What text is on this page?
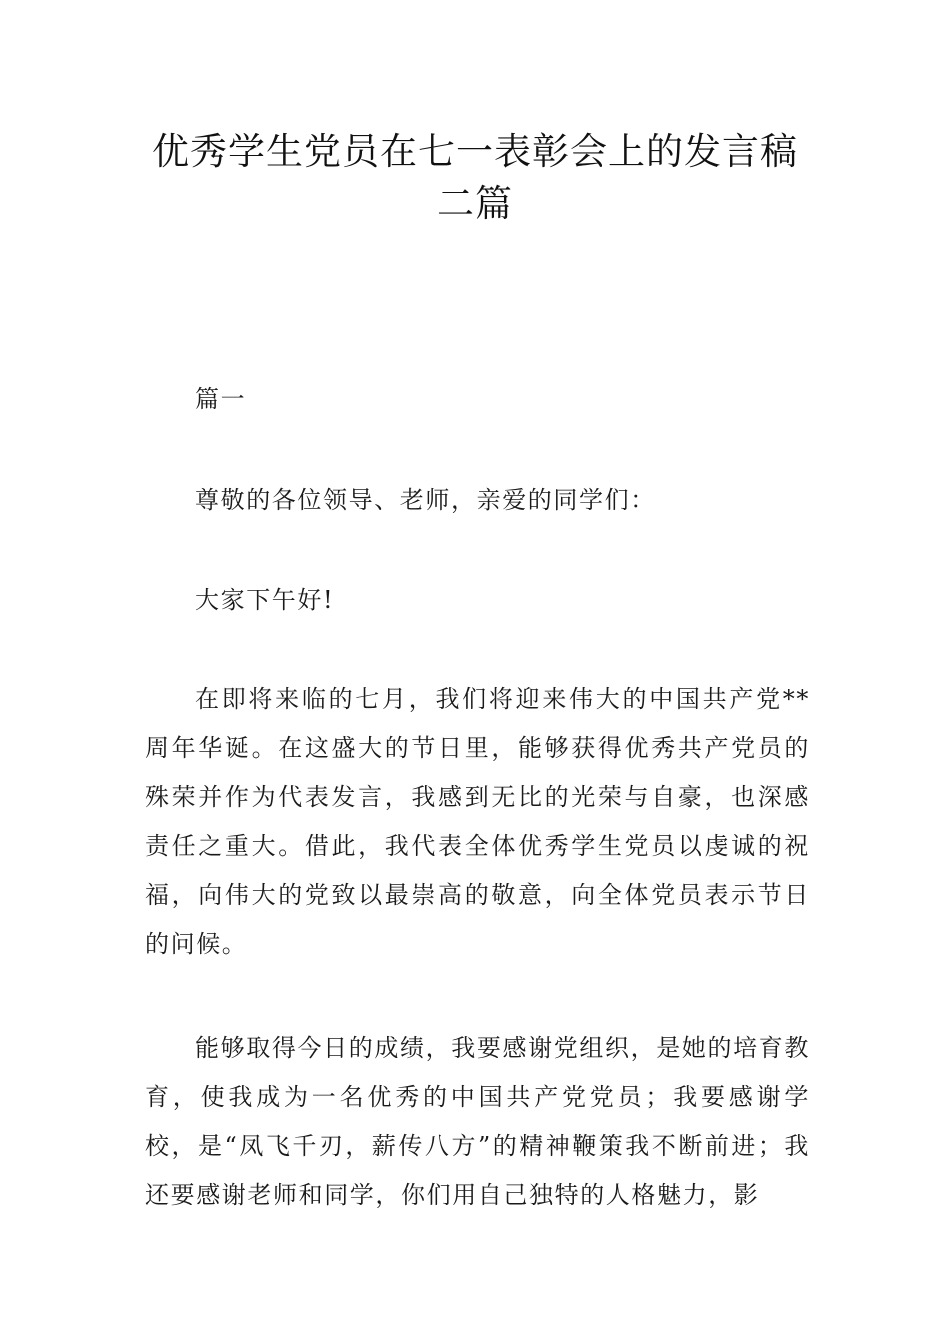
优秀学生党员在七一表彰会上的发言稿二篇

篇一

尊敬的各位领导、老师，亲爱的同学们：

大家下午好!

在即将来临的七月，我们将迎来伟大的中国共产党**周年华诞。在这盛大的节日里，能够获得优秀共产党员的殊荣并作为代表发言，我感到无比的光荣与自豪，也深感责任之重大。借此，我代表全体优秀学生党员以虔诚的祝福，向伟大的党致以最崇高的敬意，向全体党员表示节日的问候。

能够取得今日的成绩，我要感谢党组织，是她的培育教育，使我成为一名优秀的中国共产党党员；我要感谢学校，是“凤飞千刃，薪传八方”的精神鞭策我不断前进；我还要感谢老师和同学，你们用自己独特的人格魅力，影
